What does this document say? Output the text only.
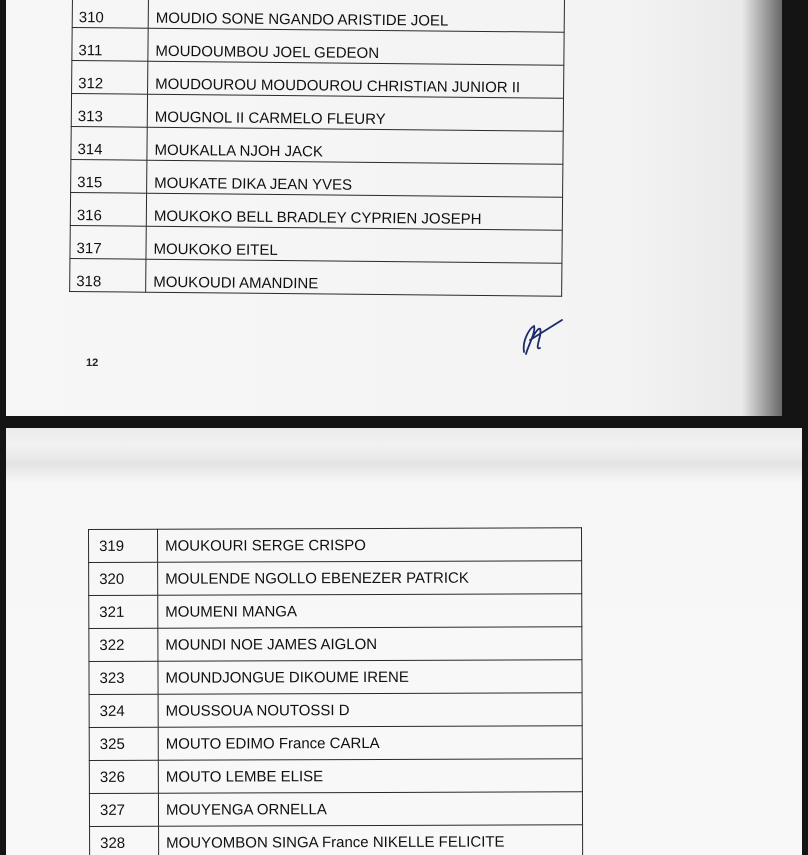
310	MOUDIO SONE NGANDO ARISTIDE JOEL
311	MOUDOUMBOU JOEL GEDEON
312	MOUDOUROU MOUDOUROU CHRISTIAN JUNIOR II
313	MOUGNOL II CARMELO FLEURY
314	MOUKALLA NJOH JACK
315	MOUKATE DIKA JEAN YVES
316	MOUKOKO BELL BRADLEY CYPRIEN JOSEPH
317	MOUKOKO EITEL
318	MOUKOUDI AMANDINE
12
319	MOUKOURI SERGE CRISPO
320	MOULENDE NGOLLO EBENEZER PATRICK
321	MOUMENI MANGA
322	MOUNDI NOE JAMES AIGLON
323	MOUNDJONGUE DIKOUME IRENE
324	MOUSSOUA NOUTOSSI D
325	MOUTO EDIMO France CARLA
326	MOUTO LEMBE ELISE
327	MOUYENGA ORNELLA
328	MOUYOMBON SINGA France NIKELLE FELICITE
